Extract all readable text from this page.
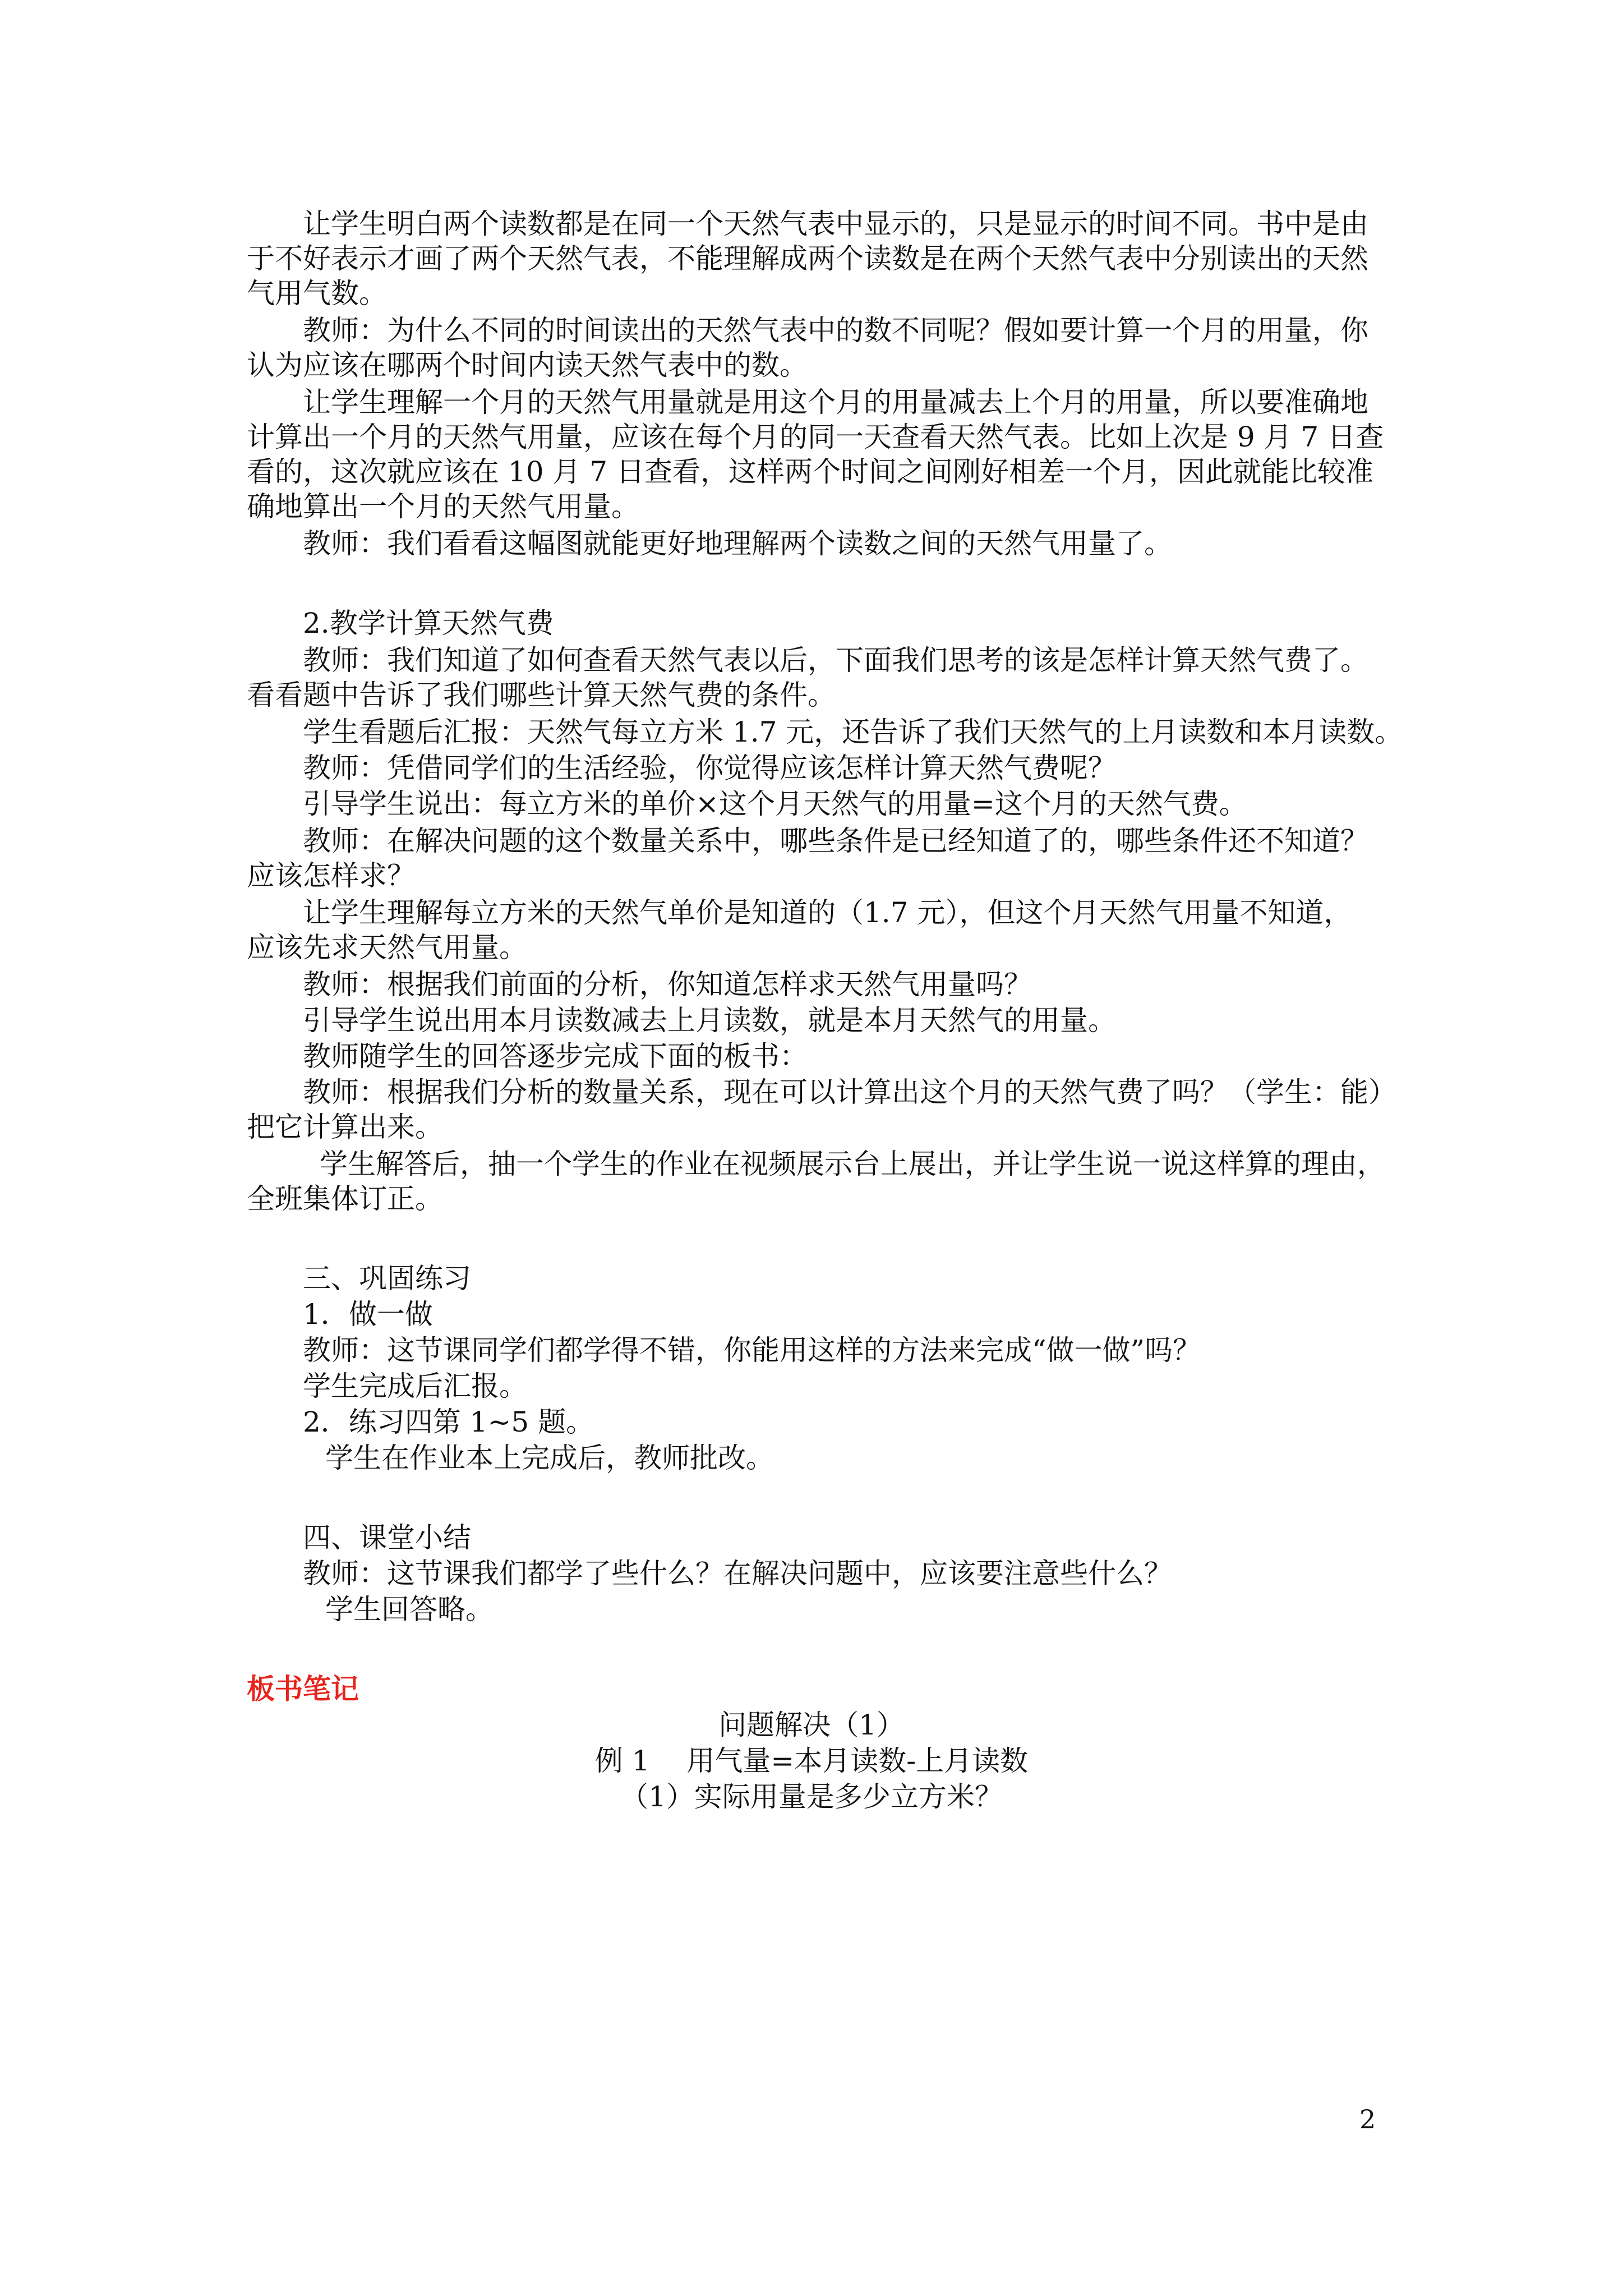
让学生明白两个读数都是在同一个天然气表中显示的，只是显示的时间不同。书中是由
于不好表示才画了两个天然气表，不能理解成两个读数是在两个天然气表中分别读出的天然
气用气数。
教师：为什么不同的时间读出的天然气表中的数不同呢？假如要计算一个月的用量，你
认为应该在哪两个时间内读天然气表中的数。
让学生理解一个月的天然气用量就是用这个月的用量减去上个月的用量，所以要准确地
计算出一个月的天然气用量，应该在每个月的同一天查看天然气表。比如上次是 9 月 7 日查
看的，这次就应该在 10 月 7 日查看，这样两个时间之间刚好相差一个月，因此就能比较准
确地算出一个月的天然气用量。
教师：我们看看这幅图就能更好地理解两个读数之间的天然气用量了。
2.教学计算天然气费
教师：我们知道了如何查看天然气表以后，下面我们思考的该是怎样计算天然气费了。
看看题中告诉了我们哪些计算天然气费的条件。
学生看题后汇报：天然气每立方米 1.7 元，还告诉了我们天然气的上月读数和本月读数。
教师：凭借同学们的生活经验，你觉得应该怎样计算天然气费呢？
引导学生说出：每立方米的单价×这个月天然气的用量=这个月的天然气费。
教师：在解决问题的这个数量关系中，哪些条件是已经知道了的，哪些条件还不知道？
应该怎样求？
让学生理解每立方米的天然气单价是知道的（1.7 元），但这个月天然气用量不知道，
应该先求天然气用量。
教师：根据我们前面的分析，你知道怎样求天然气用量吗？
引导学生说出用本月读数减去上月读数，就是本月天然气的用量。
教师随学生的回答逐步完成下面的板书：
教师：根据我们分析的数量关系，现在可以计算出这个月的天然气费了吗？（学生：能）
把它计算出来。
学生解答后，抽一个学生的作业在视频展示台上展出，并让学生说一说这样算的理由，
全班集体订正。
三、巩固练习
1．做一做
教师：这节课同学们都学得不错，你能用这样的方法来完成“做一做”吗？
学生完成后汇报。
2．练习四第 1~5 题。
学生在作业本上完成后，教师批改。
四、课堂小结
教师：这节课我们都学了些什么？在解决问题中，应该要注意些什么？
学生回答略。
板书笔记
问题解决（1）
例 1　 用气量=本月读数-上月读数
（1）实际用量是多少立方米？
2
